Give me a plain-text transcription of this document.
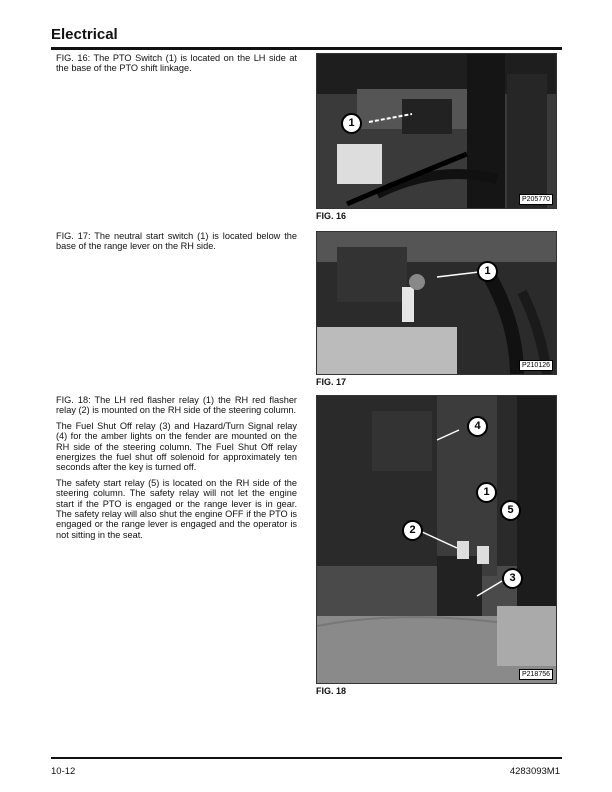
Electrical

FIG. 16: The PTO Switch (1) is located on the LH side at the base of the PTO shift linkage.

1
P205770
FIG. 16

FIG. 17: The neutral start switch (1) is located below the base of the range lever on the RH side.

1
P210126
FIG. 17

FIG. 18: The LH red flasher relay (1) the RH red flasher relay (2) is mounted on the RH side of the steering column.

The Fuel Shut Off relay (3) and Hazard/Turn Signal relay (4) for the amber lights on the fender are mounted on the RH side of the steering column. The Fuel Shut Off relay energizes the fuel shut off solenoid for approximately ten seconds after the key is turned off.

The safety start relay (5) is located on the RH side of the steering column. The safety relay will not let the engine start if the PTO is engaged or the range lever is in gear. The safety relay will also shut the engine OFF if the PTO is engaged or the range lever is engaged and the operator is not sitting in the seat.

4
1
5
2
3
P218756
FIG. 18
10-12	4283093M1
